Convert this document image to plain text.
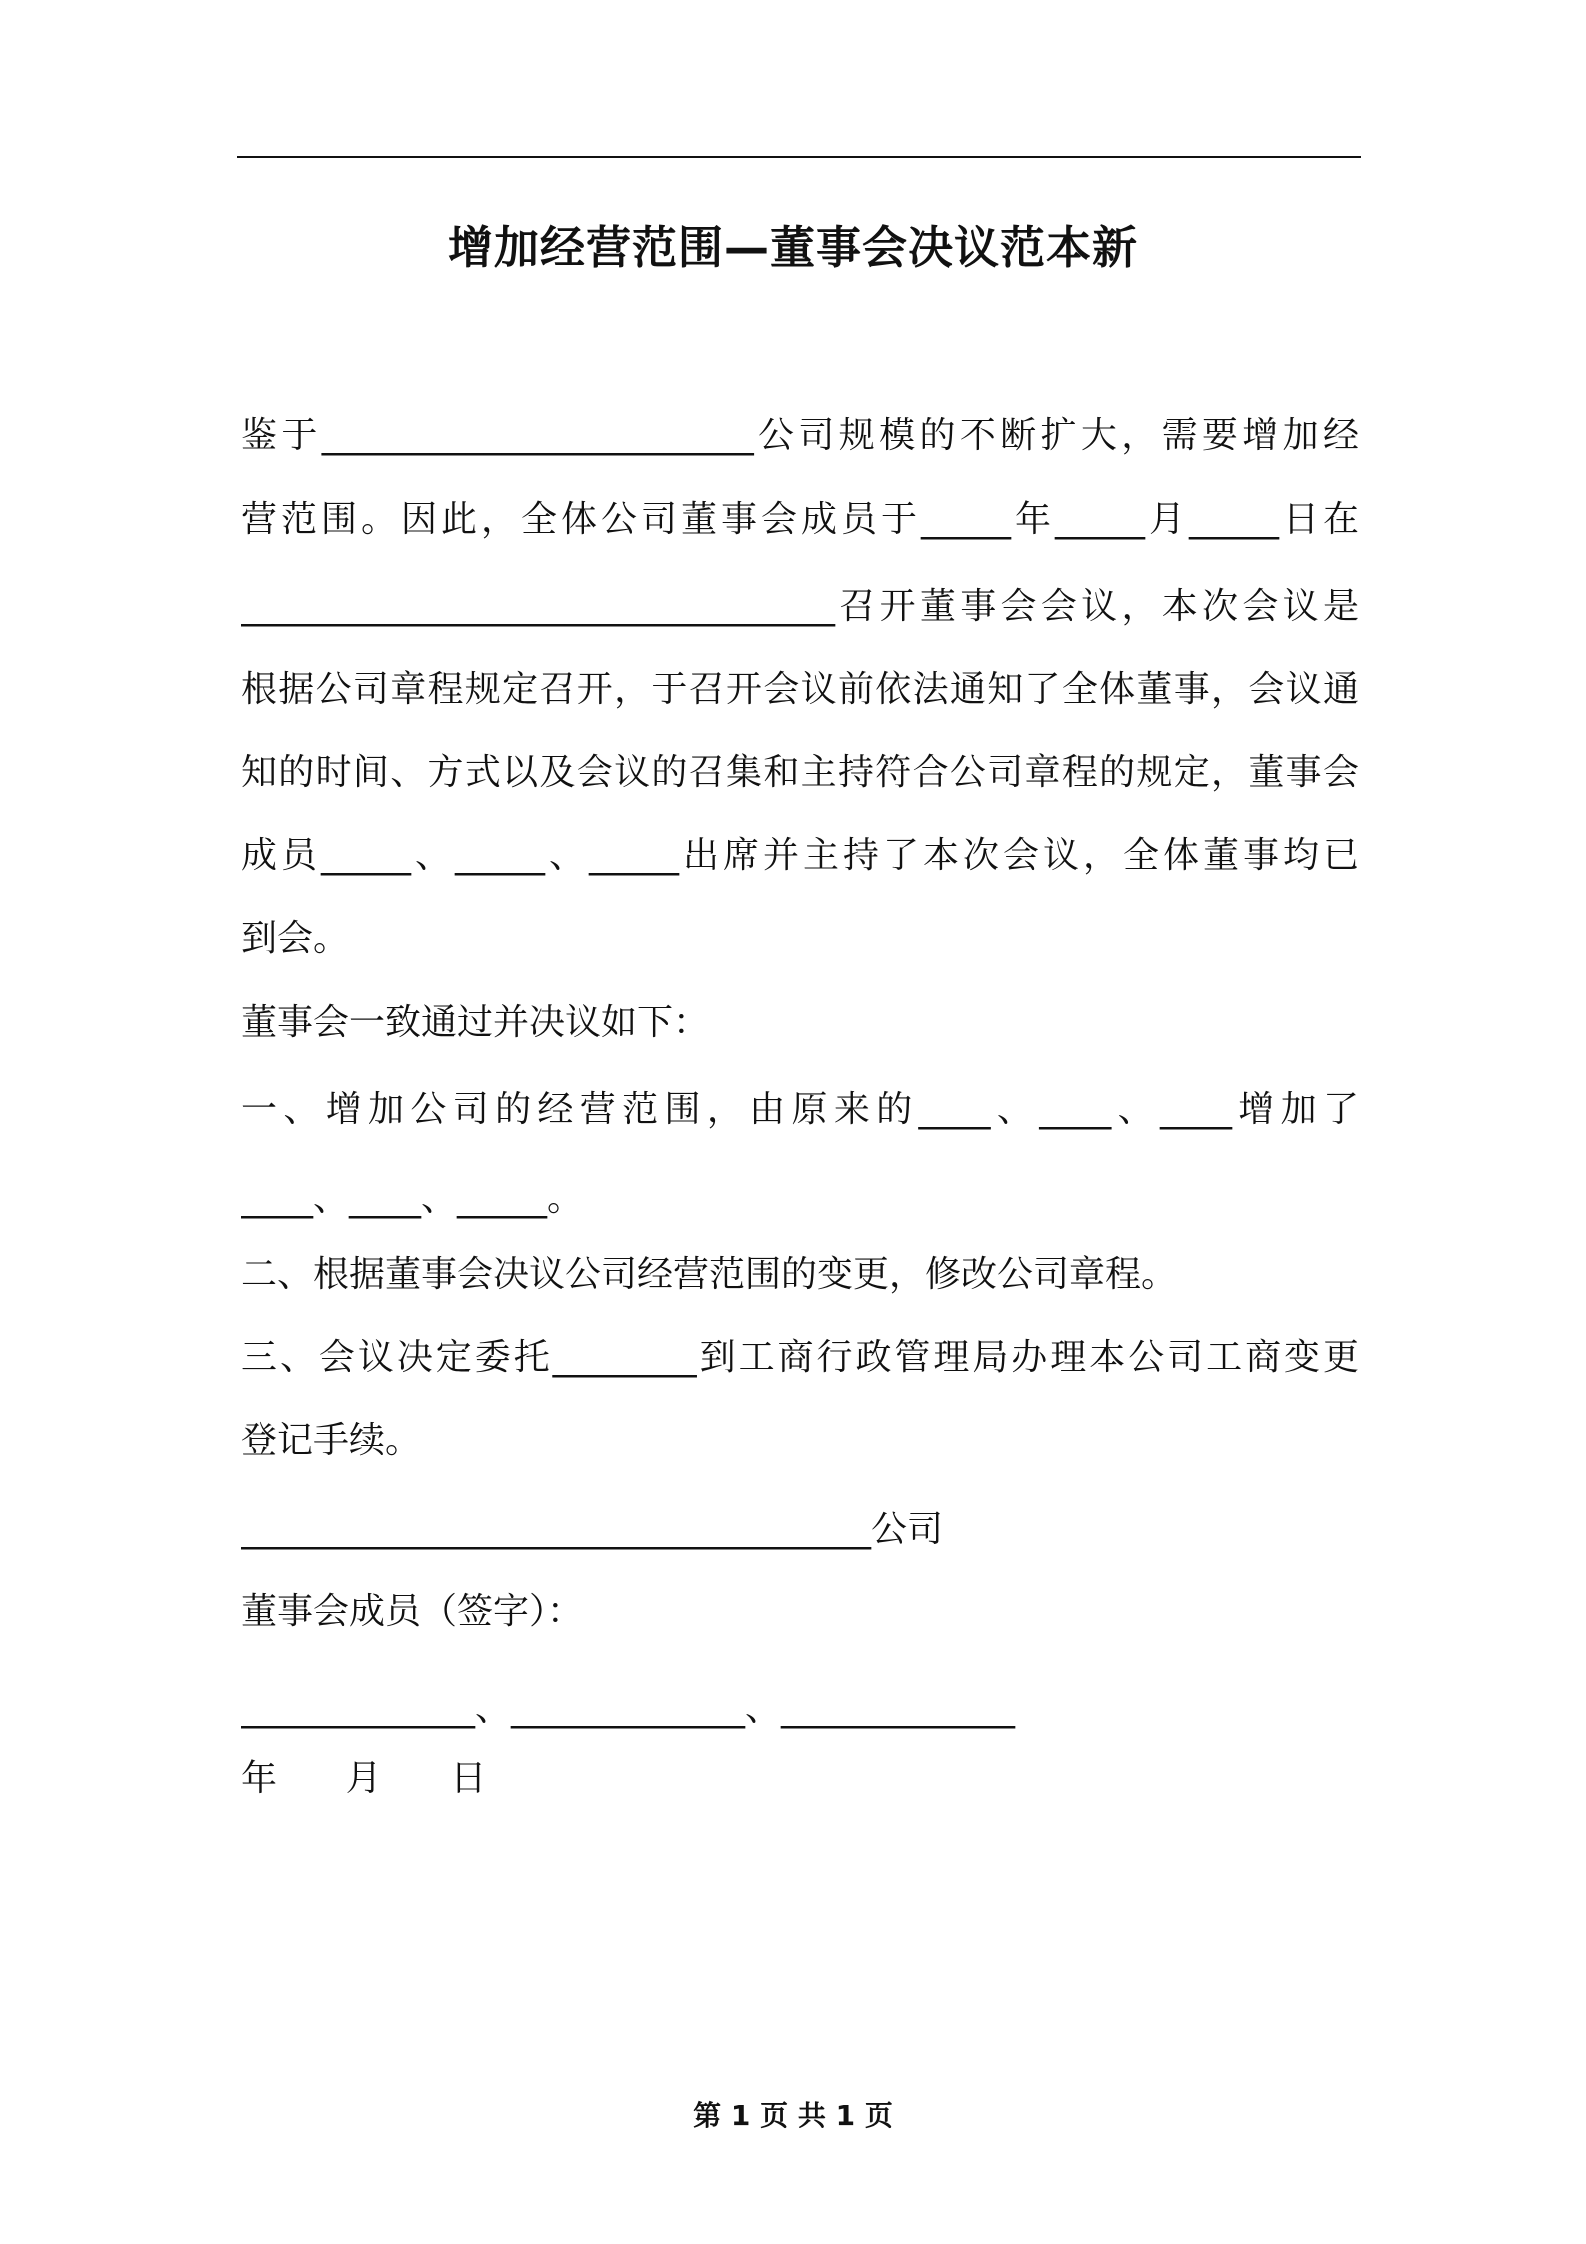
增加经营范围—董事会决议范本新
鉴于________________________公司规模的不断扩大，需要增加经
营范围。因此，全体公司董事会成员于_____年_____月_____日在
_________________________________召开董事会会议，本次会议是
根据公司章程规定召开，于召开会议前依法通知了全体董事，会议通
知的时间、方式以及会议的召集和主持符合公司章程的规定，董事会
成员_____、_____、_____出席并主持了本次会议，全体董事均已
到会。
董事会一致通过并决议如下：
一、增加公司的经营范围，由原来的____、____、____增加了
____、____、_____。
二、根据董事会决议公司经营范围的变更，修改公司章程。
三、会议决定委托________到工商行政管理局办理本公司工商变更
登记手续。
___________________________________公司
董事会成员（签字）：
_____________、_____________、_____________
年      月      日
第 1 页 共 1 页
